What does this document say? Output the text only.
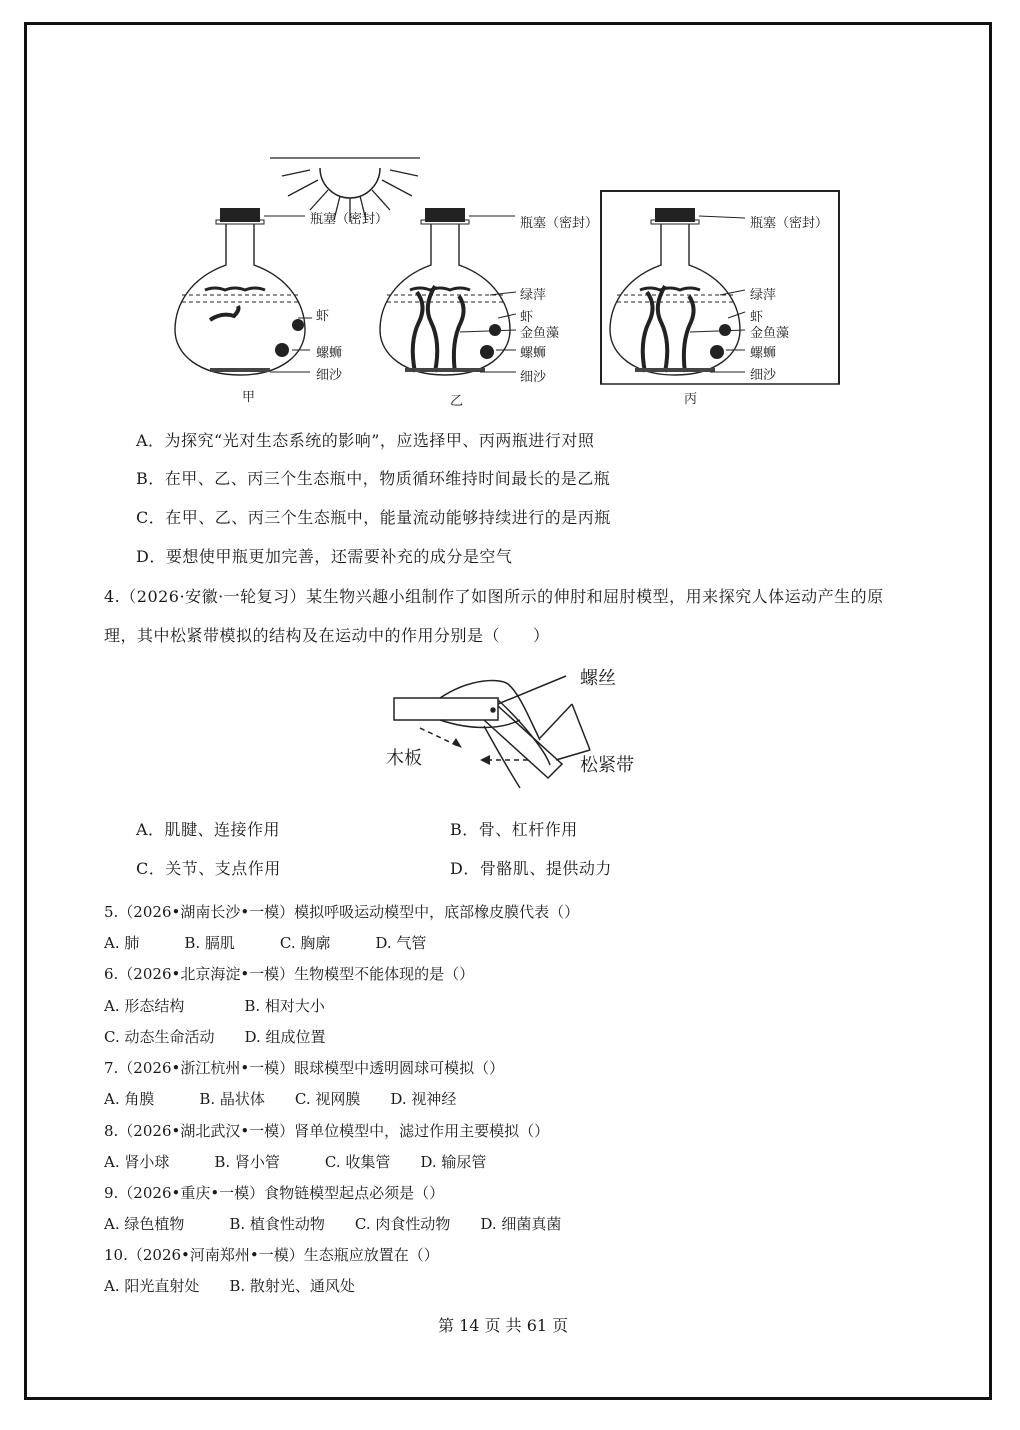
瓶塞（密封）
虾
螺蛳
细沙
甲
瓶塞（密封）
绿萍
虾
金鱼藻
螺蛳
细沙
乙
瓶塞（密封）
绿萍
虾
金鱼藻
螺蛳
细沙
丙
A．为探究“光对生态系统的影响”，应选择甲、丙两瓶进行对照
B．在甲、乙、丙三个生态瓶中，物质循环维持时间最长的是乙瓶
C．在甲、乙、丙三个生态瓶中，能量流动能够持续进行的是丙瓶
D．要想使甲瓶更加完善，还需要补充的成分是空气
4.（2026·安徽·一轮复习）某生物兴趣小组制作了如图所示的伸肘和屈肘模型，用来探究人体运动产生的原
理，其中松紧带模拟的结构及在运动中的作用分别是（　　）
螺丝
木板	松紧带
A．肌腱、连接作用	B．骨、杠杆作用
C．关节、支点作用	D．骨骼肌、提供动力
5.（2026•湖南长沙•一模）模拟呼吸运动模型中，底部橡皮膜代表（）
A. 肺　　　B. 膈肌　　　C. 胸廓　　　D. 气管
6.（2026•北京海淀•一模）生物模型不能体现的是（）
A. 形态结构　　　　B. 相对大小
C. 动态生命活动　　D. 组成位置
7.（2026•浙江杭州•一模）眼球模型中透明圆球可模拟（）
A. 角膜　　　B. 晶状体　　C. 视网膜　　D. 视神经
8.（2026•湖北武汉•一模）肾单位模型中，滤过作用主要模拟（）
A. 肾小球　　　B. 肾小管　　　C. 收集管　　D. 输尿管
9.（2026•重庆•一模）食物链模型起点必须是（）
A. 绿色植物　　　B. 植食性动物　　C. 肉食性动物　　D. 细菌真菌
10.（2026•河南郑州•一模）生态瓶应放置在（）
A. 阳光直射处　　B. 散射光、通风处
第 14 页 共 61 页
